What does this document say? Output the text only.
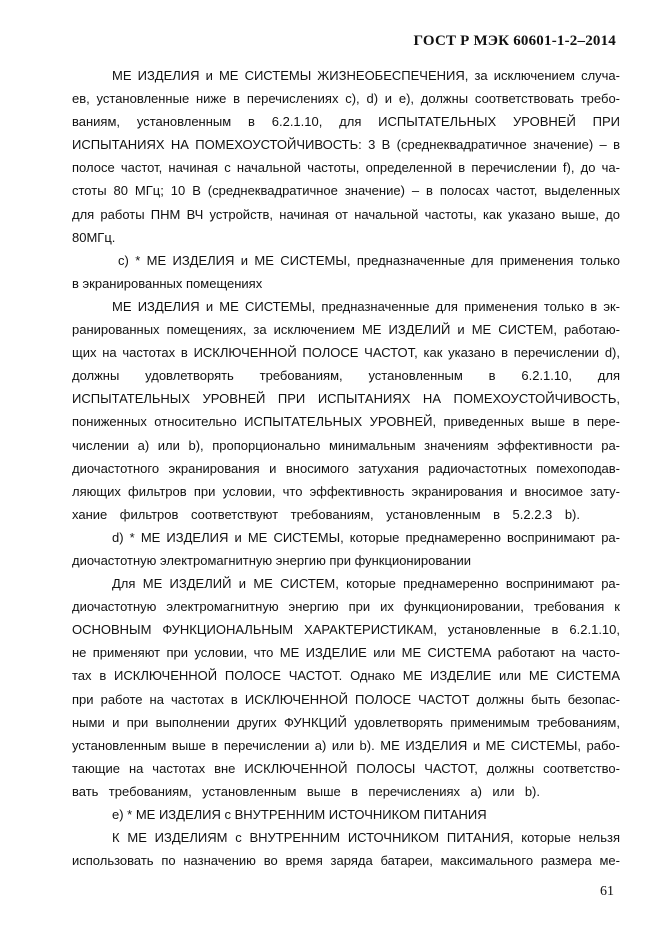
ГОСТ Р МЭК 60601-1-2–2014
МЕ ИЗДЕЛИЯ и МЕ СИСТЕМЫ ЖИЗНЕОБЕСПЕЧЕНИЯ, за исключением случа-
ев, установленные ниже в перечислениях с), d) и е), должны соответствовать требо-
ваниям, установленным в 6.2.1.10, для ИСПЫТАТЕЛЬНЫХ УРОВНЕЙ ПРИ
ИСПЫТАНИЯХ НА ПОМЕХОУСТОЙЧИВОСТЬ: 3 В (среднеквадратичное значение) – в
полосе частот, начиная с начальной частоты, определенной в перечислении f), до ча-
стоты 80 МГц; 10 В (среднеквадратичное значение) – в полосах частот, выделенных
для работы ПНМ ВЧ устройств, начиная от начальной частоты, как указано выше, до
80МГц.
с) * МЕ ИЗДЕЛИЯ и МЕ СИСТЕМЫ, предназначенные для применения только
в экранированных помещениях
МЕ ИЗДЕЛИЯ и МЕ СИСТЕМЫ, предназначенные для применения только в эк-
ранированных помещениях, за исключением МЕ ИЗДЕЛИЙ и МЕ СИСТЕМ, работаю-
щих на частотах в ИСКЛЮЧЕННОЙ ПОЛОСЕ ЧАСТОТ, как указано в перечислении d),
должны удовлетворять требованиям, установленным в 6.2.1.10, для
ИСПЫТАТЕЛЬНЫХ УРОВНЕЙ ПРИ ИСПЫТАНИЯХ НА ПОМЕХОУСТОЙЧИВОСТЬ,
пониженных относительно ИСПЫТАТЕЛЬНЫХ УРОВНЕЙ, приведенных выше в пере-
числении а) или b), пропорционально минимальным значениям эффективности ра-
диочастотного экранирования и вносимого затухания радиочастотных помехоподав-
ляющих фильтров при условии, что эффективность экранирования и вносимое зату-
хание фильтров соответствуют требованиям, установленным в 5.2.2.3 b).
d) * МЕ ИЗДЕЛИЯ и МЕ СИСТЕМЫ, которые преднамеренно воспринимают ра-
диочастотную электромагнитную энергию при функционировании
Для МЕ ИЗДЕЛИЙ и МЕ СИСТЕМ, которые преднамеренно воспринимают ра-
диочастотную электромагнитную энергию при их функционировании, требования к
ОСНОВНЫМ ФУНКЦИОНАЛЬНЫМ ХАРАКТЕРИСТИКАМ, установленные в 6.2.1.10,
не применяют при условии, что МЕ ИЗДЕЛИЕ или МЕ СИСТЕМА работают на часто-
тах в ИСКЛЮЧЕННОЙ ПОЛОСЕ ЧАСТОТ. Однако МЕ ИЗДЕЛИЕ или МЕ СИСТЕМА
при работе на частотах в ИСКЛЮЧЕННОЙ ПОЛОСЕ ЧАСТОТ должны быть безопас-
ными и при выполнении других ФУНКЦИЙ удовлетворять применимым требованиям,
установленным выше в перечислении а) или b). МЕ ИЗДЕЛИЯ и МЕ СИСТЕМЫ, рабо-
тающие на частотах вне ИСКЛЮЧЕННОЙ ПОЛОСЫ ЧАСТОТ, должны соответство-
вать требованиям, установленным выше в перечислениях а) или b).
е) * МЕ ИЗДЕЛИЯ с ВНУТРЕННИМ ИСТОЧНИКОМ ПИТАНИЯ
К МЕ ИЗДЕЛИЯМ с ВНУТРЕННИМ ИСТОЧНИКОМ ПИТАНИЯ, которые нельзя
использовать по назначению во время заряда батареи, максимального размера ме-
61
